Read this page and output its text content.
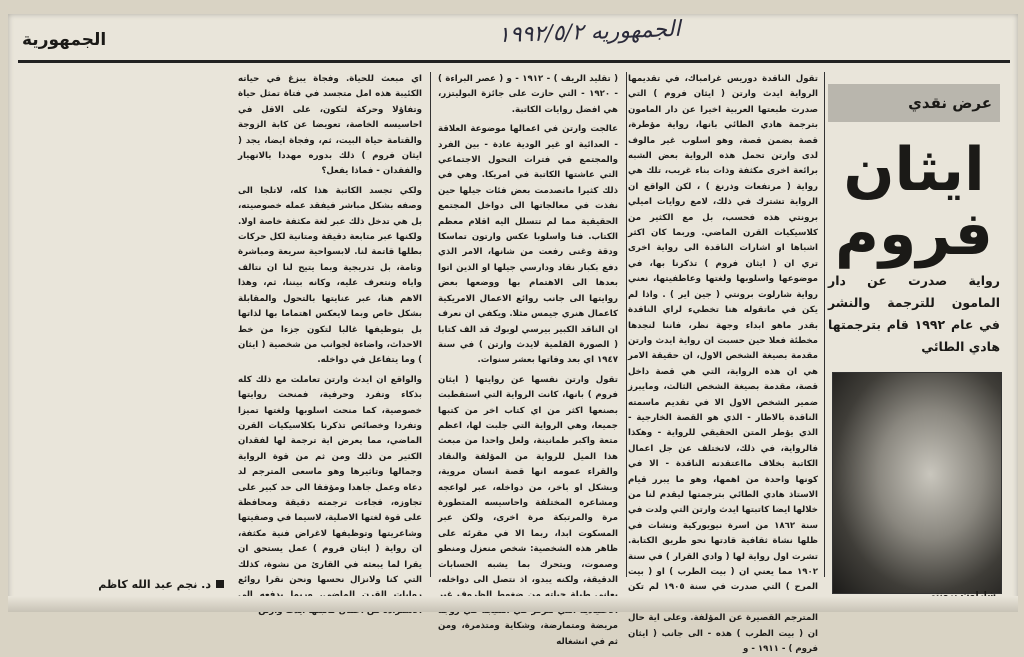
الجمهورية	الجمهوريه ١٩٩٢/٥/٢
عرض نقدي
ايثان فروم
رواية صدرت عن دار المامون للترجمة والنشر في عام ١٩٩٢ قام بترجمتها هادي الطائي

تقول الناقدة دوريس غرامباك، في تقديمها الرواية ايدث وارتن ( ايثان فروم ) التي صدرت طبعتها العربية اخيرا عن دار المامون بترجمة هادي الطائي بانها، رواية مؤطرة، قصة بضمن قصة، وهو اسلوب غير مالوف لدى وارتن تحمل هذه الرواية بعض الشبه برائعة اخرى مكثفة وذات بناء غريب، تلك هي رواية ( مرتفعات وذرنغ ) ، لكن الواقع ان الرواية تشترك في ذلك، لامع روايات اميلي برونتي هذه فحسب، بل مع الكثير من كلاسيكيات القرن الماضي. وربما كان اكثر اشباها او اشارات الناقدة الى رواية اخرى تري ان ( ايثان فروم ) تذكرنا بها، في موضوعها واسلوبها ولغتها وعاطفيتها، نعني رواية شارلوت برونتي ( جين اير ) . واذا لم يكن في ماتقوله هنا تخطيء لراي الناقدة بقدر ماهو ابداء وجهة نظر، فاننا لنجدها مخطئة فعلا حين حسبت ان رواية ايدث وارتن مقدمة بصيغة الشخص الاول، ان حقيقة الامر هي ان هذه الرواية، التي هي قصة داخل قصة، مقدمة بصيغة الشخص الثالث، ومايبرز ضمير الشخص الاول الا في تقديم ماسمته الناقدة بالاطار - الذي هو القصة الخارجية - الذي يؤطر المتن الحقيقي للرواية - وهكذا فالرواية، في ذلك، لاتختلف عن جل اعمال الكاتبة بخلاف مااعتقدته الناقدة - الا في كونها واحدة من اهمها، وهو ما يبرر قيام الاستاذ هادي الطائي بترجمتها ليقدم لنا من خلالها ايضا كاتبتها ايدث وارتن التي ولدت في سنة ١٨٦٢ من اسرة نيويوركية ونشات في ظلها نشاة ثقافية قادتها نحو طريق الكتابة. تشرت اول رواية لها ( وادي القرار ) في سنة ١٩٠٢ مما يعني ان ( بيت الطرب ) او ( بيت المرح ) التي صدرت في سنة ١٩٠٥ لم تكن المترجم القصيرة عن المؤلفة. وعلى اية حال ان ( بيت الطرب ) هذه - الى جانب ( ايثان فروم ) - ١٩١١ - و

( تقليد الريف ) - ١٩١٢ - و ( عصر البراءة ) - ١٩٢٠ - التي حازت على جائزة البوليتزر، هي افضل روايات الكاتبة.

عالجت وارتن في اعمالها موضوعة العلاقة - العدائية او غير الودية عادة - بين الفرد والمجتمع في فترات التحول الاجتماعي التي عاشتها الكاتبة في امريكا. وهي في ذلك كثيرا ماتصدمت بعض فئات جيلها حين نفذت في معالجاتها الى دواخل المجتمع الحقيقية مما لم تتسلل اليه اقلام معظم الكتاب. فنا واسلوبا عكس وارتون تماسكا ودقة وغنى رفعت من شانها، الامر الذي دفع بكبار نقاد ودارسي جيلها او الذين اتوا بعدها الى الاهتمام بها ووضعها بعض روايتها الى جانب روائع الاعمال الامريكية كاعمال هنري جيمس مثلا. ويكفي ان نعرف ان الناقد الكبير بيرسي لوبوك قد الف كتابا ( الصورة القلمية لايدث وارتن ) في سنة ١٩٤٧ اي بعد وفاتها بعشر سنوات.

تقول وارتن نفسها عن روايتها ( ايثان فروم ) بانها، كانت الرواية التي استقطبت بصنعها اكثر من اي كتاب اخر من كتبها جميعا، وهي الرواية التي جلبت لها، اعظم متعة واكبر طمانينة، ولعل واحدا من مبعث هذا الميل للرواية من المؤلفة والنقاد والقراء عمومه انها قصة انسان مروية، وبشكل او باخر، من دواخله، عبر لواعجه ومشاعره المختلفة واحاسيسه المتطورة مرة والمرتبكة مرة اخرى، ولكن عبر المسكوت ابدا، ربما الا في مقرئه على ظاهر هذه الشخصية: شخص منعزل ومنطو وصموت، ويتحرك بما يشبه الحسابات الدقيقة، ولكنه يبدو، اذ نتصل الى دواخله، مريضة ومتمارضة، وشكاية ومتذمرة، ومن ثم في انشغاله

اي مبعث للحياة. وفجاة يبزغ في حياته الكئيبة هذه امل متجسد في فتاة تمثل حياة وتفاؤلا وحركة لتكون، على الاقل في احاسيسه الخاصة، تعويضا عن كابة الزوجة والقتامة حياة البيت، ثم، وفجاة ايضا، يجد ( ايثان فروم ) ذلك بدوره مهددا بالانهيار والفقدان - فماذا يفعل؟

ولكي تجسد الكاتبة هذا كله، لاتلجا الى وصفه بشكل مباشر فيفقد عمله خصوصيته، بل هي تدخل ذلك عبر لغة مكثفة خاصة اولا. ولكنها عبر متابعة دقيقة ومتانية لكل حركات بطلها قاتمة لنا. لابسواحية سريعة ومباشرة وتامة، بل تدريجية وبما يتيح لنا ان نتالف واياه ونتعرف عليه، وكانه بيننا، ثم، وهذا الاهم هنا، عبر عنايتها بالتحول والمقابلة بشكل خاص وبما لايعكس اهتماما بها لذاتها بل بتوظيفها غالبا لتكون جزءا من خط الاحداث، واضاءة لجوانب من شخصية ( ايثان ) وما يتفاعل في دواخله.

والواقع ان ايدث وارتن تعاملت مع ذلك كله بذكاء وتفرد وحرفية، فمنحت روايتها خصوصية، كما منحت اسلوبها ولغتها تميزا وتفردا وخصائص تذكرنا بكلاسيكيات القرن الماضي، مما يعرض اية ترجمة لها لفقدان الكثير من ذلك ومن ثم من قوة الرواية وجمالها وتاثيرها وهو ماسعى المترجم لد دعاه وعمل جاهدا ومؤفقا الى حد كبير على تجاوزه، فجاءت ترجمته دقيقة ومحافظة على قوة لغتها الاصلية، لاسيما في وصفيتها وشاعريتها وتوظيفها لاغراض فنية مكثفة، ان رواية ( ايثان فروم ) عمل يستحق ان يقرا لما يبعثه في القارئ من نشوة، كذلك التي كنا ولانزال نحسها ونحن نقرا روائع

د. نجم عبد الله كاظم
